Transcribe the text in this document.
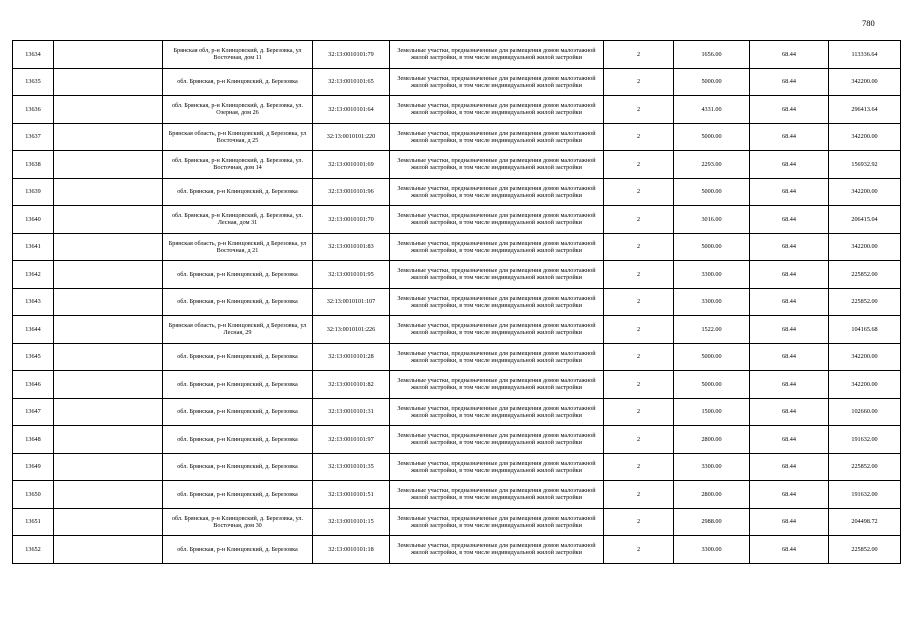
780
13634		Брянская обл, р-н Клинцовский, д. Березовка, ул Восточная, дом 11	32:13:0010101:79	Земельные участки, предназначенные для размещения домов малоэтажной жилой застройки, в том числе индивидуальной жилой застройки	2	1656.00	68.44	113336.64
13635		обл. Брянская, р-н Клинцовский, д. Березовка	32:13:0010101:65	Земельные участки, предназначенные для размещения домов малоэтажной жилой застройки, в том числе индивидуальной жилой застройки	2	5000.00	68.44	342200.00
13636		обл. Брянская, р-н Клинцовский, д. Березовка, ул. Озерная, дом 26	32:13:0010101:64	Земельные участки, предназначенные для размещения домов малоэтажной жилой застройки, в том числе индивидуальной жилой застройки	2	4331.00	68.44	296413.64
13637		Брянская область, р-н Клинцовский, д Березовка, ул Восточная, д 25	32:13:0010101:220	Земельные участки, предназначенные для размещения домов малоэтажной жилой застройки, в том числе индивидуальной жилой застройки	2	5000.00	68.44	342200.00
13638		обл. Брянская, р-н Клинцовский, д. Березовка, ул. Восточная, дом 14	32:13:0010101:69	Земельные участки, предназначенные для размещения домов малоэтажной жилой застройки, в том числе индивидуальной жилой застройки	2	2293.00	68.44	156932.92
13639		обл. Брянская, р-н Клинцовский, д. Березовка	32:13:0010101:96	Земельные участки, предназначенные для размещения домов малоэтажной жилой застройки, в том числе индивидуальной жилой застройки	2	5000.00	68.44	342200.00
13640		обл. Брянская, р-н Клинцовский, д. Березовка, ул. Лесная, дом 31	32:13:0010101:70	Земельные участки, предназначенные для размещения домов малоэтажной жилой застройки, в том числе индивидуальной жилой застройки	2	3016.00	68.44	206415.04
13641		Брянская область, р-н Клинцовский, д Березовка, ул Восточная, д 21	32:13:0010101:83	Земельные участки, предназначенные для размещения домов малоэтажной жилой застройки, в том числе индивидуальной жилой застройки	2	5000.00	68.44	342200.00
13642		обл. Брянская, р-н Клинцовский, д. Березовка	32:13:0010101:95	Земельные участки, предназначенные для размещения домов малоэтажной жилой застройки, в том числе индивидуальной жилой застройки	2	3300.00	68.44	225852.00
13643		обл. Брянская, р-н Клинцовский, д. Березовка	32:13:0010101:107	Земельные участки, предназначенные для размещения домов малоэтажной жилой застройки, в том числе индивидуальной жилой застройки	2	3300.00	68.44	225852.00
13644		Брянская область, р-н Клинцовский, д Березовка, ул Лесная, 29	32:13:0010101:226	Земельные участки, предназначенные для размещения домов малоэтажной жилой застройки, в том числе индивидуальной жилой застройки	2	1522.00	68.44	104165.68
13645		обл. Брянская, р-н Клинцовский, д. Березовка	32:13:0010101:28	Земельные участки, предназначенные для размещения домов малоэтажной жилой застройки, в том числе индивидуальной жилой застройки	2	5000.00	68.44	342200.00
13646		обл. Брянская, р-н Клинцовский, д. Березовка	32:13:0010101:82	Земельные участки, предназначенные для размещения домов малоэтажной жилой застройки, в том числе индивидуальной жилой застройки	2	5000.00	68.44	342200.00
13647		обл. Брянская, р-н Клинцовский, д. Березовка	32:13:0010101:31	Земельные участки, предназначенные для размещения домов малоэтажной жилой застройки, в том числе индивидуальной жилой застройки	2	1500.00	68.44	102660.00
13648		обл. Брянская, р-н Клинцовский, д. Березовка	32:13:0010101:97	Земельные участки, предназначенные для размещения домов малоэтажной жилой застройки, в том числе индивидуальной жилой застройки	2	2800.00	68.44	191632.00
13649		обл. Брянская, р-н Клинцовский, д. Березовка	32:13:0010101:35	Земельные участки, предназначенные для размещения домов малоэтажной жилой застройки, в том числе индивидуальной жилой застройки	2	3300.00	68.44	225852.00
13650		обл. Брянская, р-н Клинцовский, д. Березовка	32:13:0010101:51	Земельные участки, предназначенные для размещения домов малоэтажной жилой застройки, в том числе индивидуальной жилой застройки	2	2800.00	68.44	191632.00
13651		обл. Брянская, р-н Клинцовский, д. Березовка, ул. Восточная, дом 30	32:13:0010101:15	Земельные участки, предназначенные для размещения домов малоэтажной жилой застройки, в том числе индивидуальной жилой застройки	2	2988.00	68.44	204498.72
13652		обл. Брянская, р-н Клинцовский, д. Березовка	32:13:0010101:18	Земельные участки, предназначенные для размещения домов малоэтажной жилой застройки, в том числе индивидуальной жилой застройки	2	3300.00	68.44	225852.00
